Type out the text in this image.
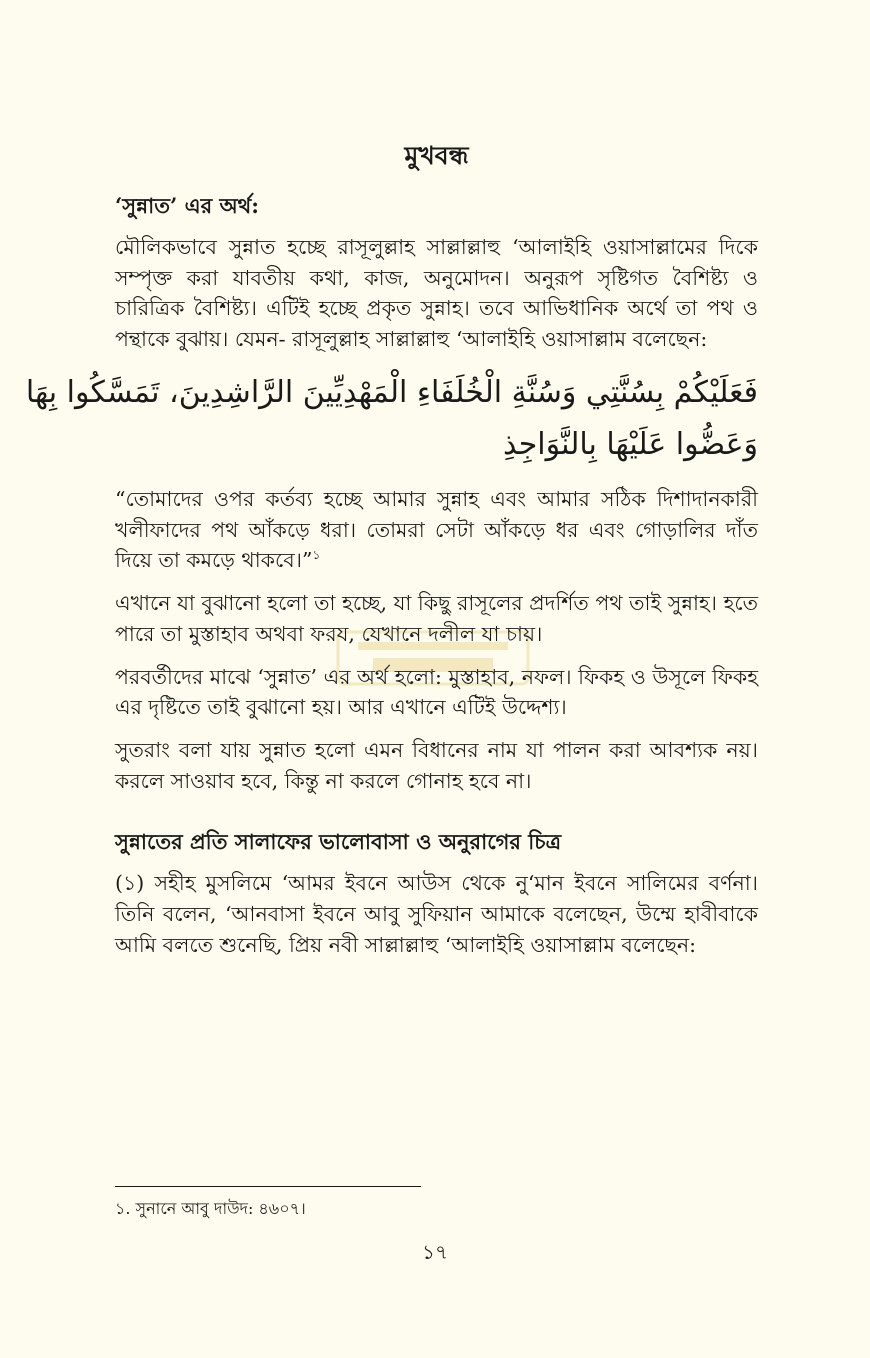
মুখবন্ধ
‘সুন্নাত’ এর অর্থ:
মৌলিকভাবে সুন্নাত হচ্ছে রাসূলুল্লাহ সাল্লাল্লাহু ‘আলাইহি ওয়াসাল্লামের দিকে সম্পৃক্ত করা যাবতীয় কথা, কাজ, অনুমোদন। অনুরূপ সৃষ্টিগত বৈশিষ্ট্য ও চারিত্রিক বৈশিষ্ট্য। এটিই হচ্ছে প্রকৃত সুন্নাহ। তবে আভিধানিক অর্থে তা পথ ও পন্থাকে বুঝায়। যেমন- রাসূলুল্লাহ সাল্লাল্লাহু ‘আলাইহি ওয়াসাল্লাম বলেছেন:
فَعَلَيْكُمْ بِسُنَّتِي وَسُنَّةِ الْخُلَفَاءِ الْمَهْدِيِّينَ الرَّاشِدِينَ، تَمَسَّكُوا بِهَا
وَعَضُّوا عَلَيْهَا بِالنَّوَاجِذِ
“তোমাদের ওপর কর্তব্য হচ্ছে আমার সুন্নাহ এবং আমার সঠিক দিশাদানকারী খলীফাদের পথ আঁকড়ে ধরা। তোমরা সেটা আঁকড়ে ধর এবং গোড়ালির দাঁত দিয়ে তা কমড়ে থাকবে।”$^১$
এখানে যা বুঝানো হলো তা হচ্ছে, যা কিছু রাসূলের প্রদর্শিত পথ তাই সুন্নাহ। হতে পারে তা মুস্তাহাব অথবা ফরয, যেখানে দলীল যা চায়।
পরবর্তীদের মাঝে ‘সুন্নাত’ এর অর্থ হলো: মুস্তাহাব, নফল। ফিকহ ও উসূলে ফিকহ এর দৃষ্টিতে তাই বুঝানো হয়। আর এখানে এটিই উদ্দেশ্য।
সুতরাং বলা যায় সুন্নাত হলো এমন বিধানের নাম যা পালন করা আবশ্যক নয়। করলে সাওয়াব হবে, কিন্তু না করলে গোনাহ হবে না।
সুন্নাতের প্রতি সালাফের ভালোবাসা ও অনুরাগের চিত্র
(১) সহীহ মুসলিমে ‘আমর ইবনে আউস থেকে নু‘মান ইবনে সালিমের বর্ণনা। তিনি বলেন, ‘আনবাসা ইবনে আবু সুফিয়ান আমাকে বলেছেন, উম্মে হাবীবাকে আমি বলতে শুনেছি, প্রিয় নবী সাল্লাল্লাহু ‘আলাইহি ওয়াসাল্লাম বলেছেন:
১. সুনানে আবু দাউদ: ৪৬০৭।
১৭
